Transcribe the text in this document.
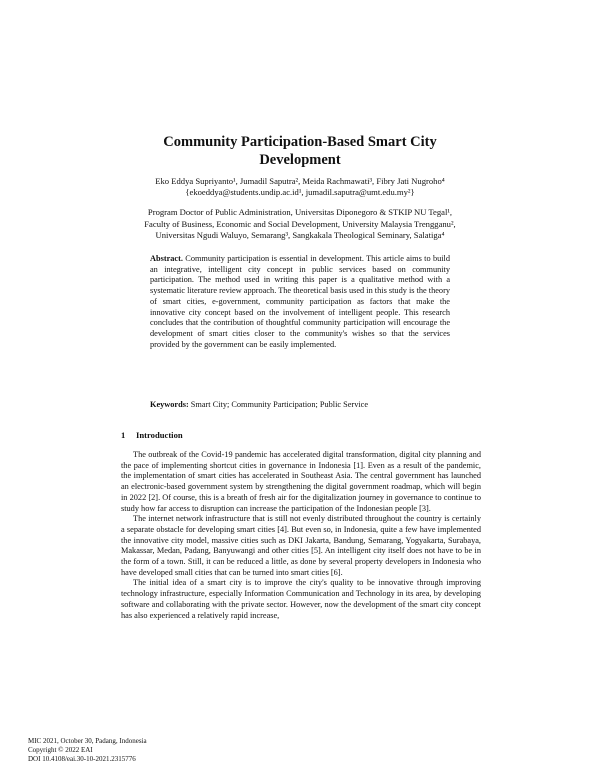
Community Participation-Based Smart City
Development
Eko Eddya Supriyanto¹, Jumadil Saputra², Meida Rachmawati³, Fibry Jati Nugroho⁴
{ekoeddya@students.undip.ac.id¹, jumadil.saputra@umt.edu.my²}
Program Doctor of Public Administration, Universitas Diponegoro & STKIP NU Tegal¹,
Faculty of Business, Economic and Social Development, University Malaysia Trengganu²,
Universitas Ngudi Waluyo, Semarang³, Sangkakala Theological Seminary, Salatiga⁴
Abstract. Community participation is essential in development. This article aims to build an integrative, intelligent city concept in public services based on community participation. The method used in writing this paper is a qualitative method with a systematic literature review approach. The theoretical basis used in this study is the theory of smart cities, e-government, community participation as factors that make the innovative city concept based on the involvement of intelligent people. This research concludes that the contribution of thoughtful community participation will encourage the development of smart cities closer to the community's wishes so that the services provided by the government can be easily implemented.
Keywords: Smart City; Community Participation; Public Service
1 Introduction

The outbreak of the Covid-19 pandemic has accelerated digital transformation, digital city planning and the pace of implementing shortcut cities in governance in Indonesia [1]. Even as a result of the pandemic, the implementation of smart cities has accelerated in Southeast Asia. The central government has launched an electronic-based government system by strengthening the digital government roadmap, which will begin in 2022 [2]. Of course, this is a breath of fresh air for the digitalization journey in governance to continue to study how far access to disruption can increase the participation of the Indonesian people [3].

The internet network infrastructure that is still not evenly distributed throughout the country is certainly a separate obstacle for developing smart cities [4]. But even so, in Indonesia, quite a few have implemented the innovative city model, massive cities such as DKI Jakarta, Bandung, Semarang, Yogyakarta, Surabaya, Makassar, Medan, Padang, Banyuwangi and other cities [5]. An intelligent city itself does not have to be in the form of a town. Still, it can be reduced a little, as done by several property developers in Indonesia who have developed small cities that can be turned into smart cities [6].

The initial idea of a smart city is to improve the city's quality to be innovative through improving technology infrastructure, especially Information Communication and Technology in its area, by developing software and collaborating with the private sector. However, now the development of the smart city concept has also experienced a relatively rapid increase,

MIC 2021, October 30, Padang, Indonesia
Copyright © 2022 EAI
DOI 10.4108/eai.30-10-2021.2315776
